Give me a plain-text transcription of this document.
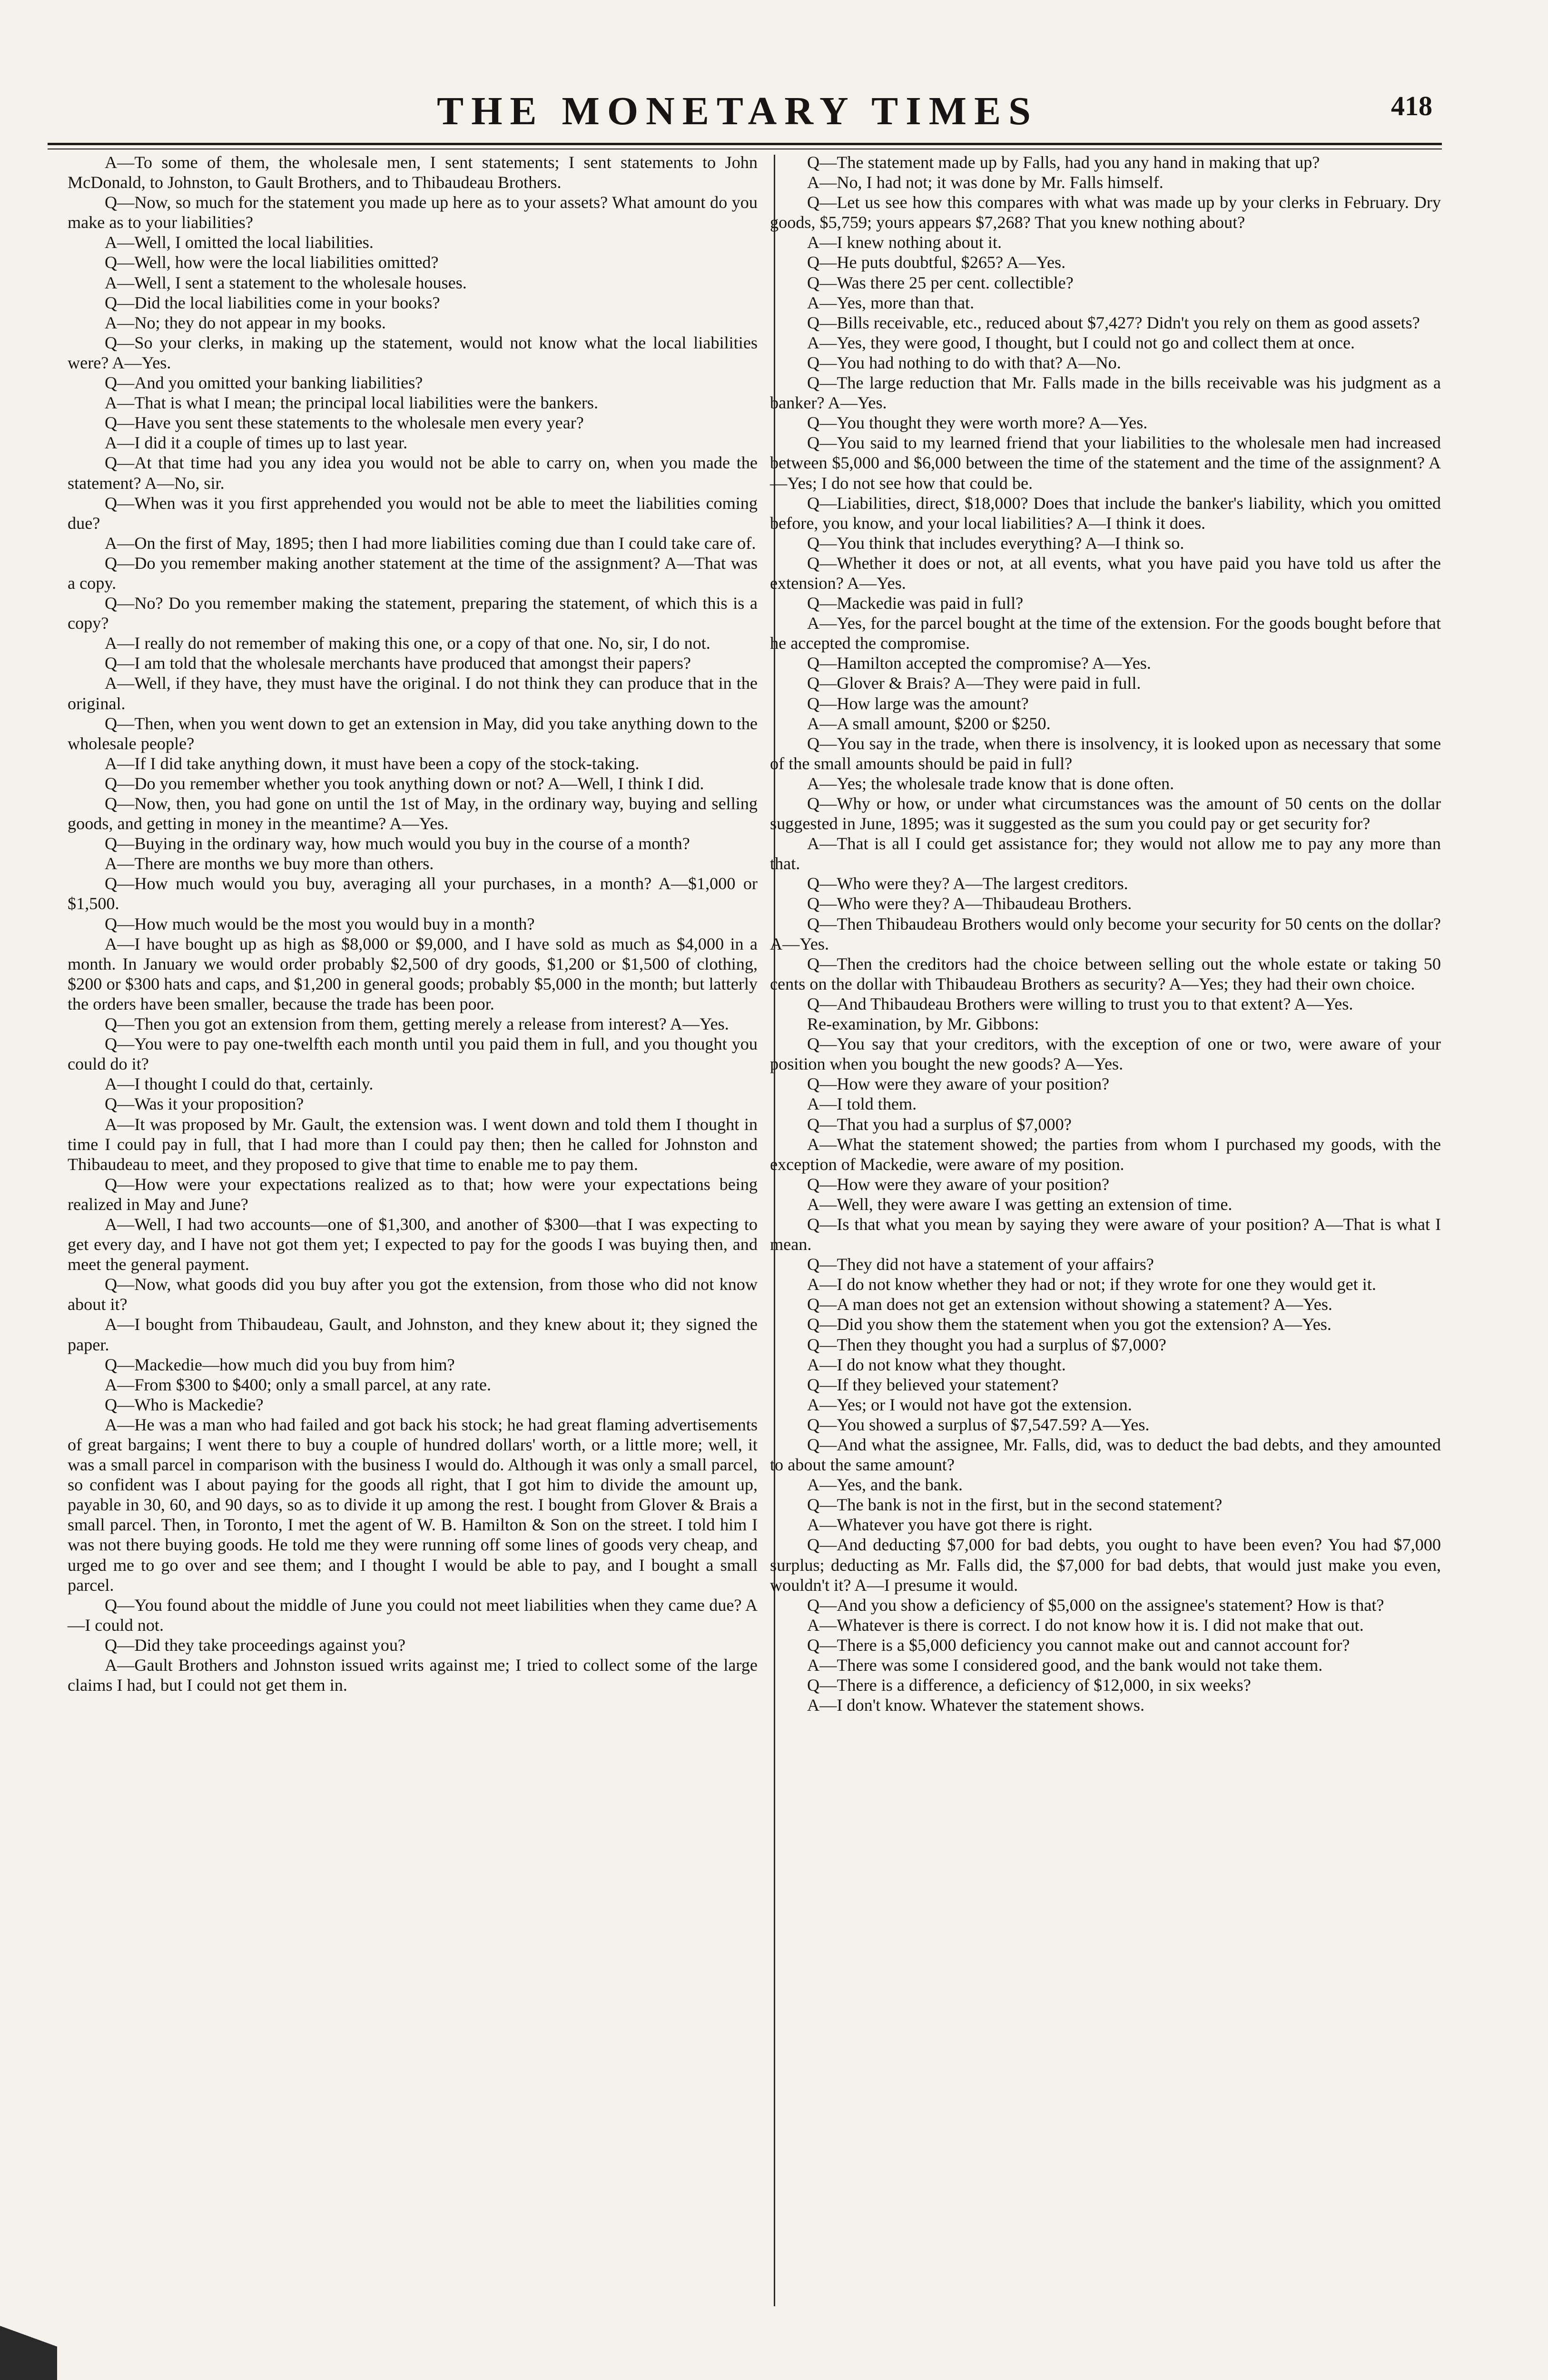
THE MONETARY TIMES	418

A—To some of them, the wholesale men, I sent statements; I sent statements to John McDonald, to Johnston, to Gault Brothers, and to Thibaudeau Brothers.

Q—Now, so much for the statement you made up here as to your assets? What amount do you make as to your liabilities?

A—Well, I omitted the local liabilities.

Q—Well, how were the local liabilities omitted?

A—Well, I sent a statement to the wholesale houses.

Q—Did the local liabilities come in your books?

A—No; they do not appear in my books.

Q—So your clerks, in making up the statement, would not know what the local liabilities were? A—Yes.

Q—And you omitted your banking liabilities?

A—That is what I mean; the principal local liabilities were the bankers.

Q—Have you sent these statements to the wholesale men every year?

A—I did it a couple of times up to last year.

Q—At that time had you any idea you would not be able to carry on, when you made the statement? A—No, sir.

Q—When was it you first apprehended you would not be able to meet the liabilities coming due?

A—On the first of May, 1895; then I had more liabilities coming due than I could take care of.

Q—Do you remember making another statement at the time of the assignment? A—That was a copy.

Q—No? Do you remember making the statement, preparing the statement, of which this is a copy?

A—I really do not remember of making this one, or a copy of that one. No, sir, I do not.

Q—I am told that the wholesale merchants have produced that amongst their papers?

A—Well, if they have, they must have the original. I do not think they can produce that in the original.

Q—Then, when you went down to get an extension in May, did you take anything down to the wholesale people?

A—If I did take anything down, it must have been a copy of the stock-taking.

Q—Do you remember whether you took anything down or not? A—Well, I think I did.

Q—Now, then, you had gone on until the 1st of May, in the ordinary way, buying and selling goods, and getting in money in the meantime? A—Yes.

Q—Buying in the ordinary way, how much would you buy in the course of a month?

A—There are months we buy more than others.

Q—How much would you buy, averaging all your purchases, in a month? A—$1,000 or $1,500.

Q—How much would be the most you would buy in a month?

A—I have bought up as high as $8,000 or $9,000, and I have sold as much as $4,000 in a month. In January we would order probably $2,500 of dry goods, $1,200 or $1,500 of clothing, $200 or $300 hats and caps, and $1,200 in general goods; probably $5,000 in the month; but latterly the orders have been smaller, because the trade has been poor.

Q—Then you got an extension from them, getting merely a release from interest? A—Yes.

Q—You were to pay one-twelfth each month until you paid them in full, and you thought you could do it?

A—I thought I could do that, certainly.

Q—Was it your proposition?

A—It was proposed by Mr. Gault, the extension was. I went down and told them I thought in time I could pay in full, that I had more than I could pay then; then he called for Johnston and Thibaudeau to meet, and they proposed to give that time to enable me to pay them.

Q—How were your expectations realized as to that; how were your expectations being realized in May and June?

A—Well, I had two accounts—one of $1,300, and another of $300—that I was expecting to get every day, and I have not got them yet; I expected to pay for the goods I was buying then, and meet the general payment.

Q—Now, what goods did you buy after you got the extension, from those who did not know about it?

A—I bought from Thibaudeau, Gault, and Johnston, and they knew about it; they signed the paper.

Q—Mackedie—how much did you buy from him?

A—From $300 to $400; only a small parcel, at any rate.

Q—Who is Mackedie?

A—He was a man who had failed and got back his stock; he had great flaming advertisements of great bargains; I went there to buy a couple of hundred dollars' worth, or a little more; well, it was a small parcel in comparison with the business I would do. Although it was only a small parcel, so confident was I about paying for the goods all right, that I got him to divide the amount up, payable in 30, 60, and 90 days, so as to divide it up among the rest. I bought from Glover & Brais a small parcel. Then, in Toronto, I met the agent of W. B. Hamilton & Son on the street. I told him I was not there buying goods. He told me they were running off some lines of goods very cheap, and urged me to go over and see them; and I thought I would be able to pay, and I bought a small parcel.

Q—You found about the middle of June you could not meet liabilities when they came due? A—I could not.

Q—Did they take proceedings against you?

A—Gault Brothers and Johnston issued writs against me; I tried to collect some of the large claims I had, but I could not get them in.

Q—The statement made up by Falls, had you any hand in making that up?

A—No, I had not; it was done by Mr. Falls himself.

Q—Let us see how this compares with what was made up by your clerks in February. Dry goods, $5,759; yours appears $7,268? That you knew nothing about?

A—I knew nothing about it.

Q—He puts doubtful, $265? A—Yes.

Q—Was there 25 per cent. collectible?

A—Yes, more than that.

Q—Bills receivable, etc., reduced about $7,427? Didn't you rely on them as good assets?

A—Yes, they were good, I thought, but I could not go and collect them at once.

Q—You had nothing to do with that? A—No.

Q—The large reduction that Mr. Falls made in the bills receivable was his judgment as a banker? A—Yes.

Q—You thought they were worth more? A—Yes.

Q—You said to my learned friend that your liabilities to the wholesale men had increased between $5,000 and $6,000 between the time of the statement and the time of the assignment? A—Yes; I do not see how that could be.

Q—Liabilities, direct, $18,000? Does that include the banker's liability, which you omitted before, you know, and your local liabilities? A—I think it does.

Q—You think that includes everything? A—I think so.

Q—Whether it does or not, at all events, what you have paid you have told us after the extension? A—Yes.

Q—Mackedie was paid in full?

A—Yes, for the parcel bought at the time of the extension. For the goods bought before that he accepted the compromise.

Q—Hamilton accepted the compromise? A—Yes.

Q—Glover & Brais? A—They were paid in full.

Q—How large was the amount?

A—A small amount, $200 or $250.

Q—You say in the trade, when there is insolvency, it is looked upon as necessary that some of the small amounts should be paid in full?

A—Yes; the wholesale trade know that is done often.

Q—Why or how, or under what circumstances was the amount of 50 cents on the dollar suggested in June, 1895; was it suggested as the sum you could pay or get security for?

A—That is all I could get assistance for; they would not allow me to pay any more than that.

Q—Who were they? A—The largest creditors.

Q—Who were they? A—Thibaudeau Brothers.

Q—Then Thibaudeau Brothers would only become your security for 50 cents on the dollar? A—Yes.

Q—Then the creditors had the choice between selling out the whole estate or taking 50 cents on the dollar with Thibaudeau Brothers as security? A—Yes; they had their own choice.

Q—And Thibaudeau Brothers were willing to trust you to that extent? A—Yes.

Re-examination, by Mr. Gibbons:

Q—You say that your creditors, with the exception of one or two, were aware of your position when you bought the new goods? A—Yes.

Q—How were they aware of your position?

A—I told them.

Q—That you had a surplus of $7,000?

A—What the statement showed; the parties from whom I purchased my goods, with the exception of Mackedie, were aware of my position.

Q—How were they aware of your position?

A—Well, they were aware I was getting an extension of time.

Q—Is that what you mean by saying they were aware of your position? A—That is what I mean.

Q—They did not have a statement of your affairs?

A—I do not know whether they had or not; if they wrote for one they would get it.

Q—A man does not get an extension without showing a statement? A—Yes.

Q—Did you show them the statement when you got the extension? A—Yes.

Q—Then they thought you had a surplus of $7,000?

A—I do not know what they thought.

Q—If they believed your statement?

A—Yes; or I would not have got the extension.

Q—You showed a surplus of $7,547.59? A—Yes.

Q—And what the assignee, Mr. Falls, did, was to deduct the bad debts, and they amounted to about the same amount?

A—Yes, and the bank.

Q—The bank is not in the first, but in the second statement?

A—Whatever you have got there is right.

Q—And deducting $7,000 for bad debts, you ought to have been even? You had $7,000 surplus; deducting as Mr. Falls did, the $7,000 for bad debts, that would just make you even, wouldn't it? A—I presume it would.

Q—And you show a deficiency of $5,000 on the assignee's statement? How is that?

A—Whatever is there is correct. I do not know how it is. I did not make that out.

Q—There is a $5,000 deficiency you cannot make out and cannot account for?

A—There was some I considered good, and the bank would not take them.

Q—There is a difference, a deficiency of $12,000, in six weeks?

A—I don't know. Whatever the statement shows.
